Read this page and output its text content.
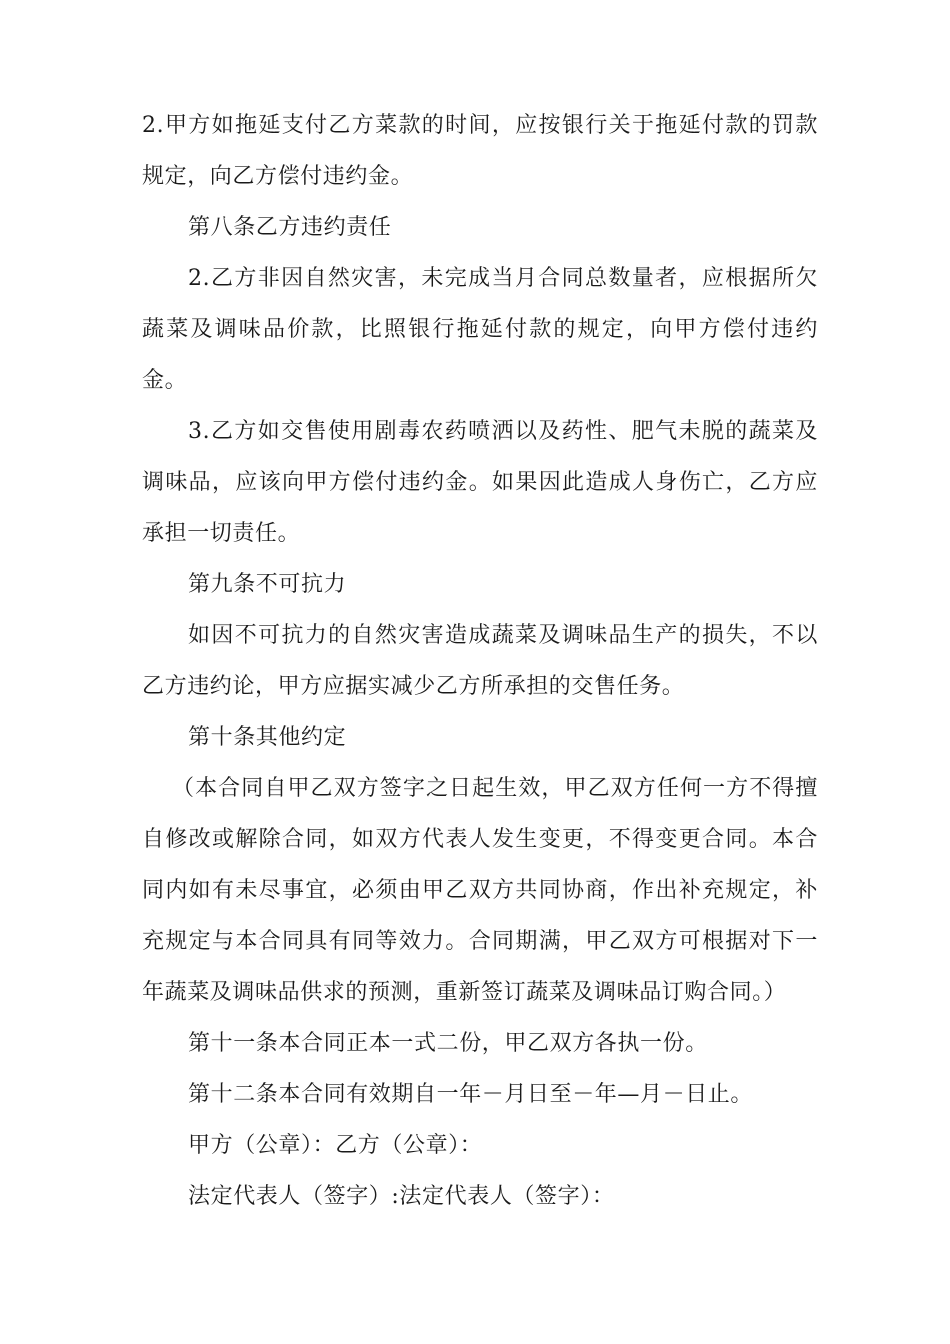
2.甲方如拖延支付乙方菜款的时间，应按银行关于拖延付款的罚款规定，向乙方偿付违约金。

第八条乙方违约责任

2.乙方非因自然灾害，未完成当月合同总数量者，应根据所欠蔬菜及调味品价款，比照银行拖延付款的规定，向甲方偿付违约金。

3.乙方如交售使用剧毒农药喷洒以及药性、肥气未脱的蔬菜及调味品，应该向甲方偿付违约金。如果因此造成人身伤亡，乙方应承担一切责任。

第九条不可抗力

如因不可抗力的自然灾害造成蔬菜及调味品生产的损失，不以乙方违约论，甲方应据实减少乙方所承担的交售任务。

第十条其他约定

（本合同自甲乙双方签字之日起生效，甲乙双方任何一方不得擅自修改或解除合同，如双方代表人发生变更，不得变更合同。本合同内如有未尽事宜，必须由甲乙双方共同协商，作出补充规定，补充规定与本合同具有同等效力。合同期满，甲乙双方可根据对下一年蔬菜及调味品供求的预测，重新签订蔬菜及调味品订购合同。）

第十一条本合同正本一式二份，甲乙双方各执一份。

第十二条本合同有效期自一年－月日至－年—月－日止。

甲方（公章）：乙方（公章）：

法定代表人（签字）:法定代表人（签字）：
